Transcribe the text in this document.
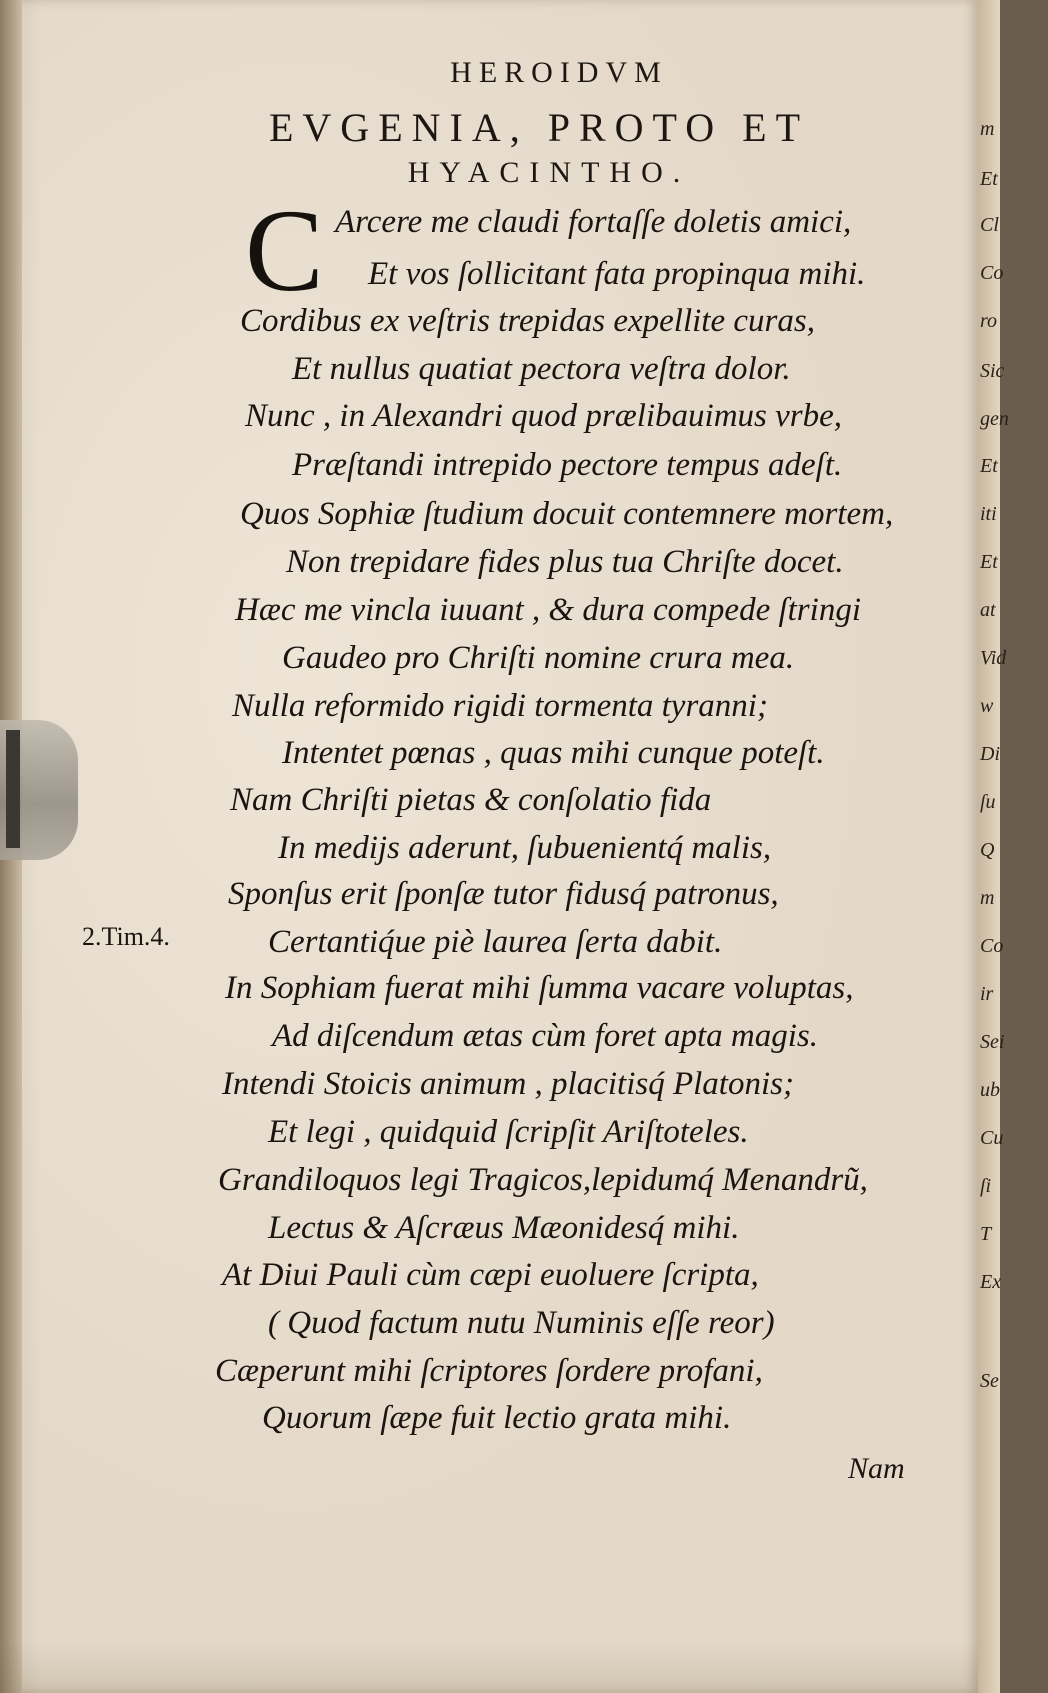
HEROIDVM
EVGENIA, PROTO ET
HYACINTHO.
C Arcere me claudi fortaſſe doletis amici,
Et vos ſollicitant fata propinqua mihi.
Cordibus ex veſtris trepidas expellite curas,
Et nullus quatiat pectora veſtra dolor.
Nunc , in Alexandri quod prælibauimus vrbe,
Præſtandi intrepido pectore tempus adeſt.
Quos Sophiæ ſtudium docuit contemnere mortem,
Non trepidare fides plus tua Chriſte docet.
Hæc me vincla iuuant , & dura compede ſtringi
Gaudeo pro Chriſti nomine crura mea.
Nulla reformido rigidi tormenta tyranni;
Intentet pœnas , quas mihi cunque poteſt.
Nam Chriſti pietas & conſolatio fida
In medijs aderunt, ſubuenientq́ malis,
Sponſus erit ſponſæ tutor fidusq́ patronus,
Certantiq́ue piè laurea ſerta dabit.
In Sophiam fuerat mihi ſumma vacare voluptas,
Ad diſcendum ætas cùm foret apta magis.
Intendi Stoicis animum , placitisq́ Platonis;
Et legi , quidquid ſcripſit Ariſtoteles.
Grandiloquos legi Tragicos,lepidumq́ Menandrũ,
Lectus & Aſcræus Mæonidesq́ mihi.
At Diui Pauli cùm cæpi euoluere ſcripta,
( Quod factum nutu Numinis eſſe reor)
Cæperunt mihi ſcriptores ſordere profani,
Quorum ſæpe fuit lectio grata mihi.
2.Tim.4.
Nam
m
Et
Cl
Co
ro
Sic
gen
Et
iti
Et
at
Vid
w
Di
ſu
Q
m
Co
ir
Sei
ub
Cu
ſi
T
Ex
Se
